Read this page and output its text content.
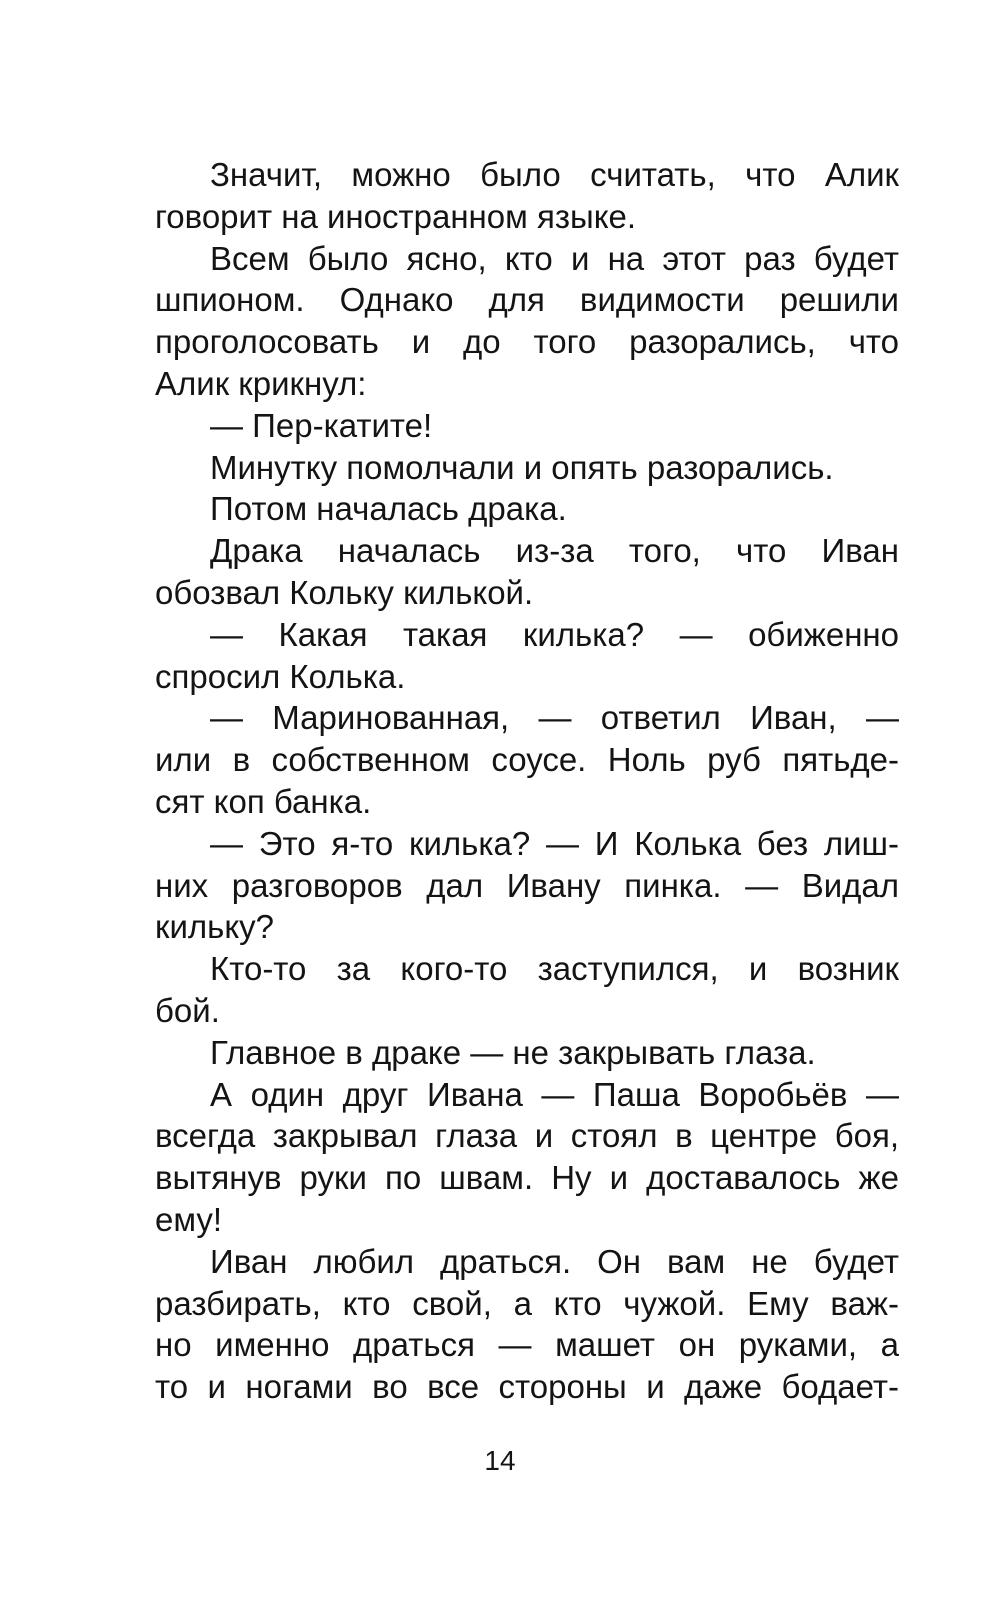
Значит, можно было считать, что Алик
говорит на иностранном языке.
Всем было ясно, кто и на этот раз будет
шпионом. Однако для видимости решили
проголосовать и до того разорались, что
Алик крикнул:
— Пер-катите!
Минутку помолчали и опять разорались.
Потом началась драка.
Драка началась из-за того, что Иван
обозвал Кольку килькой.
— Какая такая килька? — обиженно
спросил Колька.
— Маринованная, — ответил Иван, —
или в собственном соусе. Ноль руб пятьде-
сят коп банка.
— Это я-то килька? — И Колька без лиш-
них разговоров дал Ивану пинка. — Видал
кильку?
Кто-то за кого-то заступился, и возник
бой.
Главное в драке — не закрывать глаза.
А один друг Ивана — Паша Воробьёв —
всегда закрывал глаза и стоял в центре боя,
вытянув руки по швам. Ну и доставалось же
ему!
Иван любил драться. Он вам не будет
разбирать, кто свой, а кто чужой. Ему важ-
но именно драться — машет он руками, а
то и ногами во все стороны и даже бодает-
14
